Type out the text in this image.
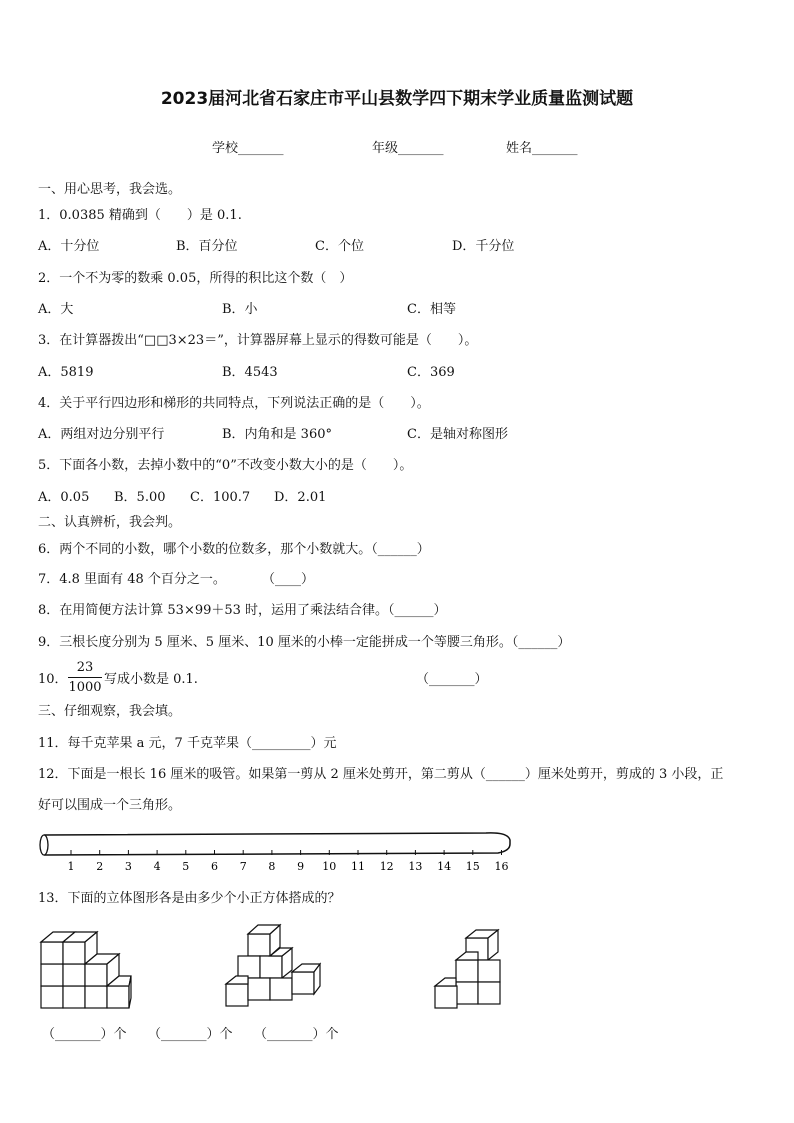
2023届河北省石家庄市平山县数学四下期末学业质量监测试题
学校_______	年级_______	姓名_______
一、用心思考，我会选。
1．0.0385 精确到（　　）是 0.1.
A．十分位	B．百分位	C．个位	D．千分位
2．一个不为零的数乘 0.05，所得的积比这个数（　）
A．大	B．小	C．相等
3．在计算器拨出“□□3×23＝”，计算器屏幕上显示的得数可能是（　　）。
A．5819	B．4543	C．369
4．关于平行四边形和梯形的共同特点，下列说法正确的是（　　）。
A．两组对边分别平行	B．内角和是 360°	C．是轴对称图形
5．下面各小数，去掉小数中的“0”不改变小数大小的是（　　）。
A．0.05 B．5.00 C．100.7 D．2.01
二、认真辨析，我会判。
6．两个不同的小数，哪个小数的位数多，那个小数就大。（______）
7．4.8 里面有 48 个百分之一。	（____）
8．在用简便方法计算 53×99＋53 时，运用了乘法结合律。（______）
9．三根长度分别为 5 厘米、5 厘米、10 厘米的小棒一定能拼成一个等腰三角形。（______）
10．
23
1000
写成小数是 0.1.	（_______）
三、仔细观察，我会填。
11．每千克苹果 a 元，7 千克苹果（_________）元
12．下面是一根长 16 厘米的吸管。如果第一剪从 2 厘米处剪开，第二剪从（______）厘米处剪开，剪成的 3 小段，正
好可以围成一个三角形。
1 2 3 4 5 6 7 8 9 10 11 12 13 14 15 16
13．下面的立体图形各是由多少个小正方体搭成的？
（_______）个 （_______）个 （_______）个
